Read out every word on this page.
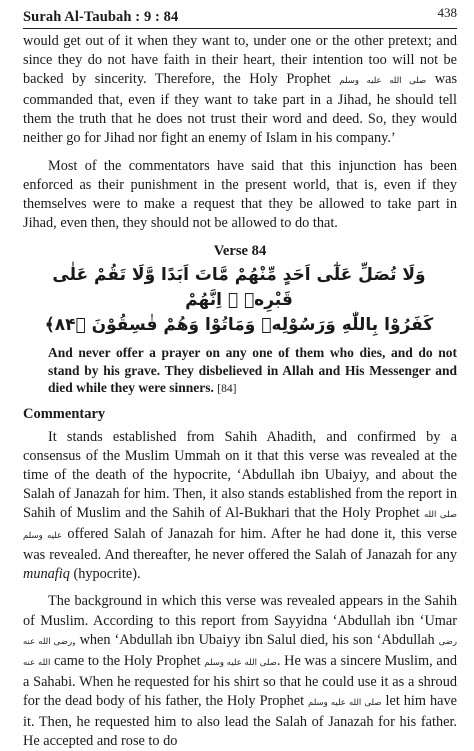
Surah Al-Taubah : 9 : 84	438

would get out of it when they want to, under one or the other pretext; and since they do not have faith in their heart, their intention too will not be backed by sincerity. Therefore, the Holy Prophet صلى الله عليه وسلم was commanded that, even if they want to take part in a Jihad, he should tell them the truth that he does not trust their word and deed. So, they would neither go for Jihad nor fight an enemy of Islam in his company.’

Most of the commentators have said that this injunction has been enforced as their punishment in the present world, that is, even if they themselves were to make a request that they be allowed to take part in Jihad, even then, they should not be allowed to do that.

Verse 84
وَلَا تُصَلِّ عَلٰٓى اَحَدٍ مِّنْهُمْ مَّاتَ اَبَدًا وَّلَا تَقُمْ عَلٰى قَبْرِهٖ ۭ اِنَّهُمْ
كَفَرُوْا بِاللّٰهِ وَرَسُوْلِهٖ وَمَاتُوْا وَهُمْ فٰسِقُوْنَ ﴿۸۴﴾

And never offer a prayer on any one of them who dies, and do not stand by his grave. They disbelieved in Allah and His Messenger and died while they were sinners. [84]

Commentary

It stands established from Sahih Ahadith, and confirmed by a consensus of the Muslim Ummah on it that this verse was revealed at the time of the death of the hypocrite, ‘Abdullah ibn Ubaiyy, and about the Salah of Janazah for him. Then, it also stands established from the report in Sahih of Muslim and the Sahih of Al-Bukhari that the Holy Prophet صلى الله عليه وسلم offered Salah of Janazah for him. After he had done it, this verse was revealed. And thereafter, he never offered the Salah of Janazah for any munafiq (hypocrite).

The background in which this verse was revealed appears in the Sahih of Muslim. According to this report from Sayyidna ‘Abdullah ibn ‘Umar رضى الله عنه, when ‘Abdullah ibn Ubaiyy ibn Salul died, his son ‘Abdullah رضى الله عنه came to the Holy Prophet صلى الله عليه وسلم. He was a sincere Muslim, and a Sahabi. When he requested for his shirt so that he could use it as a shroud for the dead body of his father, the Holy Prophet صلى الله عليه وسلم let him have it. Then, he requested him to also lead the Salah of Janazah for his father. He accepted and rose to do
